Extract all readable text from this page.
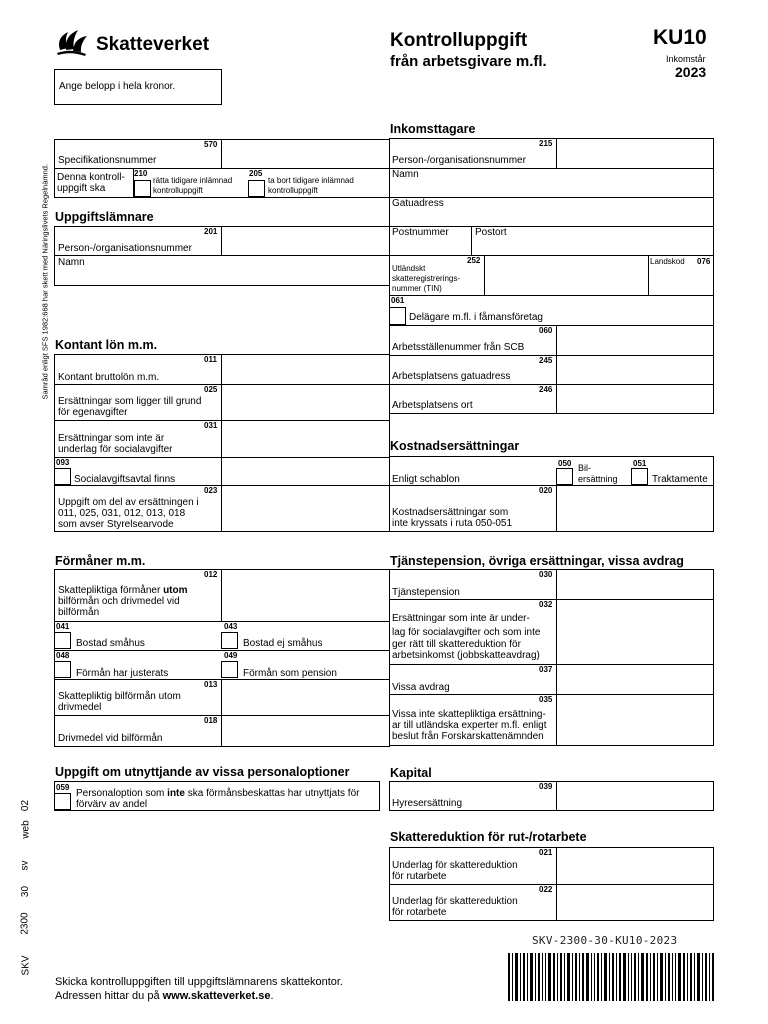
Skatteverket	Kontrolluppgift
från arbetsgivare m.fl.
KU10
Inkomstår
2023
Ange belopp i hela kronor.
Samråd enligt SFS 1982:668 har skett med Näringslivets Regelnämnd.
570
Specifikationsnummer
Denna kontroll-
uppgift ska
210
rätta tidigare inlämnad
kontrolluppgift
205
ta bort tidigare inlämnad
kontrolluppgift
Uppgiftslämnare
201
Person-/organisationsnummer
Namn
Kontant lön m.m.
011
Kontant bruttolön m.m.
025
Ersättningar som ligger till grund
för egenavgifter
031
Ersättningar som inte är
underlag för socialavgifter
093
Socialavgiftsavtal finns
023
Uppgift om del av ersättningen i
011, 025, 031, 012, 013, 018
som avser Styrelsearvode
Förmåner m.m.
012
Skattepliktiga förmåner utom
bilförmån och drivmedel vid
bilförmån
041
Bostad småhus
043
Bostad ej småhus
048
Förmån har justerats
049
Förmån som pension
013
Skattepliktig bilförmån utom
drivmedel
018
Drivmedel vid bilförmån
Uppgift om utnyttjande av vissa personaloptioner
059
Personaloption som inte ska förmånsbeskattas har utnyttjats för
förvärv av andel
Inkomsttagare
215
Person-/organisationsnummer
Namn
Gatuadress
Postnummer	Postort
Utländskt
skatteregistrerings-
nummer (TIN)
252	Landskod 076
061
Delägare m.fl. i fåmansföretag
060
Arbetsställenummer från SCB
245
Arbetsplatsens gatuadress
246
Arbetsplatsens ort
Kostnadsersättningar
Enligt schablon
050 Bil-
ersättning
051
Traktamente
020
Kostnadsersättningar som
inte kryssats i ruta 050-051
Tjänstepension, övriga ersättningar, vissa avdrag
030
Tjänstepension
032
Ersättningar som inte är under-
lag för socialavgifter och som inte
ger rätt till skattereduktion för
arbetsinkomst (jobbskatteavdrag)
037
Vissa avdrag
035
Vissa inte skattepliktiga ersättning-
ar till utländska experter m.fl. enligt
beslut från Forskarskattenämnden
Kapital
039
Hyresersättning
Skattereduktion för rut-/rotarbete
021
Underlag för skattereduktion
för rutarbete
022
Underlag för skattereduktion
för rotarbete
SKV-2300-30-KU10-2023
Skicka kontrolluppgiften till uppgiftslämnarens skattekontor.
Adressen hittar du på www.skatteverket.se.
SKV
2300
30
sv
web
02
